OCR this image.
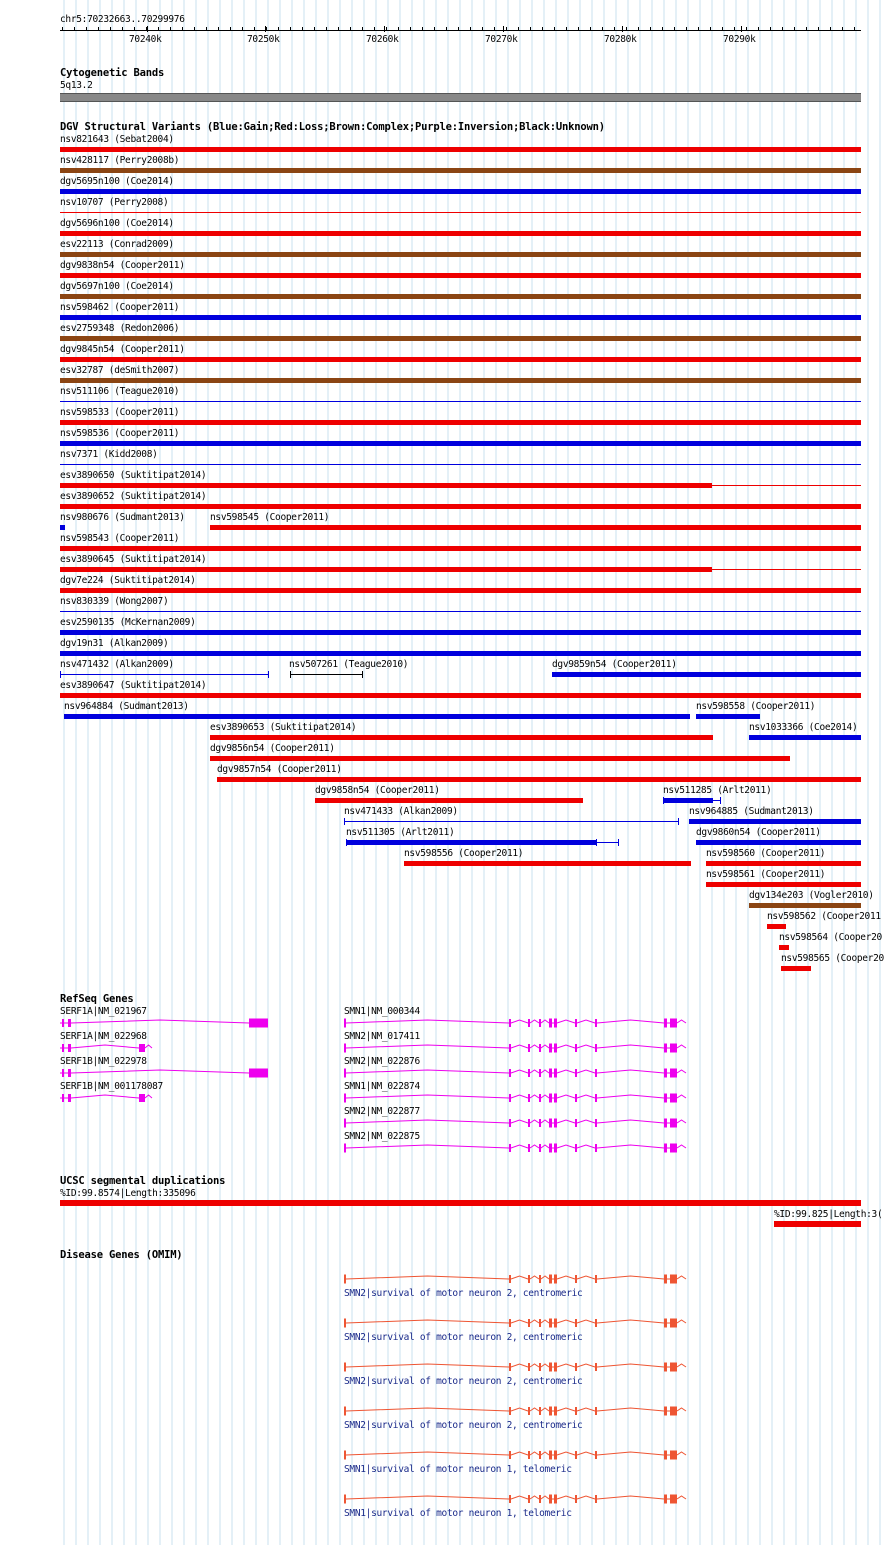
chr5:70232663..70299976
70240k	70250k	70260k	70270k	70280k	70290k
Cytogenetic Bands
5q13.2
DGV Structural Variants (Blue:Gain;Red:Loss;Brown:Complex;Purple:Inversion;Black:Unknown)
RefSeq Genes
UCSC segmental duplications
%ID:99.8574|Length:335096
%ID:99.825|Length:3(
Disease Genes (OMIM)
nsv821643 (Sebat2004)
nsv428117 (Perry2008b)
dgv5695n100 (Coe2014)
nsv10707 (Perry2008)
dgv5696n100 (Coe2014)
esv22113 (Conrad2009)
dgv9838n54 (Cooper2011)
dgv5697n100 (Coe2014)
nsv598462 (Cooper2011)
esv2759348 (Redon2006)
dgv9845n54 (Cooper2011)
esv32787 (deSmith2007)
nsv511106 (Teague2010)
nsv598533 (Cooper2011)
nsv598536 (Cooper2011)
nsv7371 (Kidd2008)
esv3890650 (Suktitipat2014)
esv3890652 (Suktitipat2014)
nsv980676 (Sudmant2013)
nsv598543 (Cooper2011)
esv3890645 (Suktitipat2014)
dgv7e224 (Suktitipat2014)
nsv830339 (Wong2007)
esv2590135 (McKernan2009)
dgv19n31 (Alkan2009)
nsv471432 (Alkan2009)
esv3890647 (Suktitipat2014)
nsv598545 (Cooper2011)
nsv507261 (Teague2010)	dgv9859n54 (Cooper2011)
nsv964884 (Sudmant2013)	nsv598558 (Cooper2011)
esv3890653 (Suktitipat2014)	nsv1033366 (Coe2014)
dgv9856n54 (Cooper2011)
dgv9857n54 (Cooper2011)
dgv9858n54 (Cooper2011)	nsv511285 (Arlt2011)
nsv471433 (Alkan2009)	nsv964885 (Sudmant2013)
nsv511305 (Arlt2011)	dgv9860n54 (Cooper2011)
nsv598556 (Cooper2011)	nsv598560 (Cooper2011)
nsv598561 (Cooper2011)
dgv134e203 (Vogler2010)
nsv598562 (Cooper2011
nsv598564 (Cooper20
nsv598565 (Cooper20
SERF1A|NM_021967
SERF1A|NM_022968
SERF1B|NM_022978
SERF1B|NM_001178087
SMN1|NM_000344
SMN2|NM_017411
SMN2|NM_022876
SMN1|NM_022874
SMN2|NM_022877
SMN2|NM_022875
SMN2|survival of motor neuron 2, centromeric
SMN2|survival of motor neuron 2, centromeric
SMN2|survival of motor neuron 2, centromeric
SMN2|survival of motor neuron 2, centromeric
SMN1|survival of motor neuron 1, telomeric
SMN1|survival of motor neuron 1, telomeric
